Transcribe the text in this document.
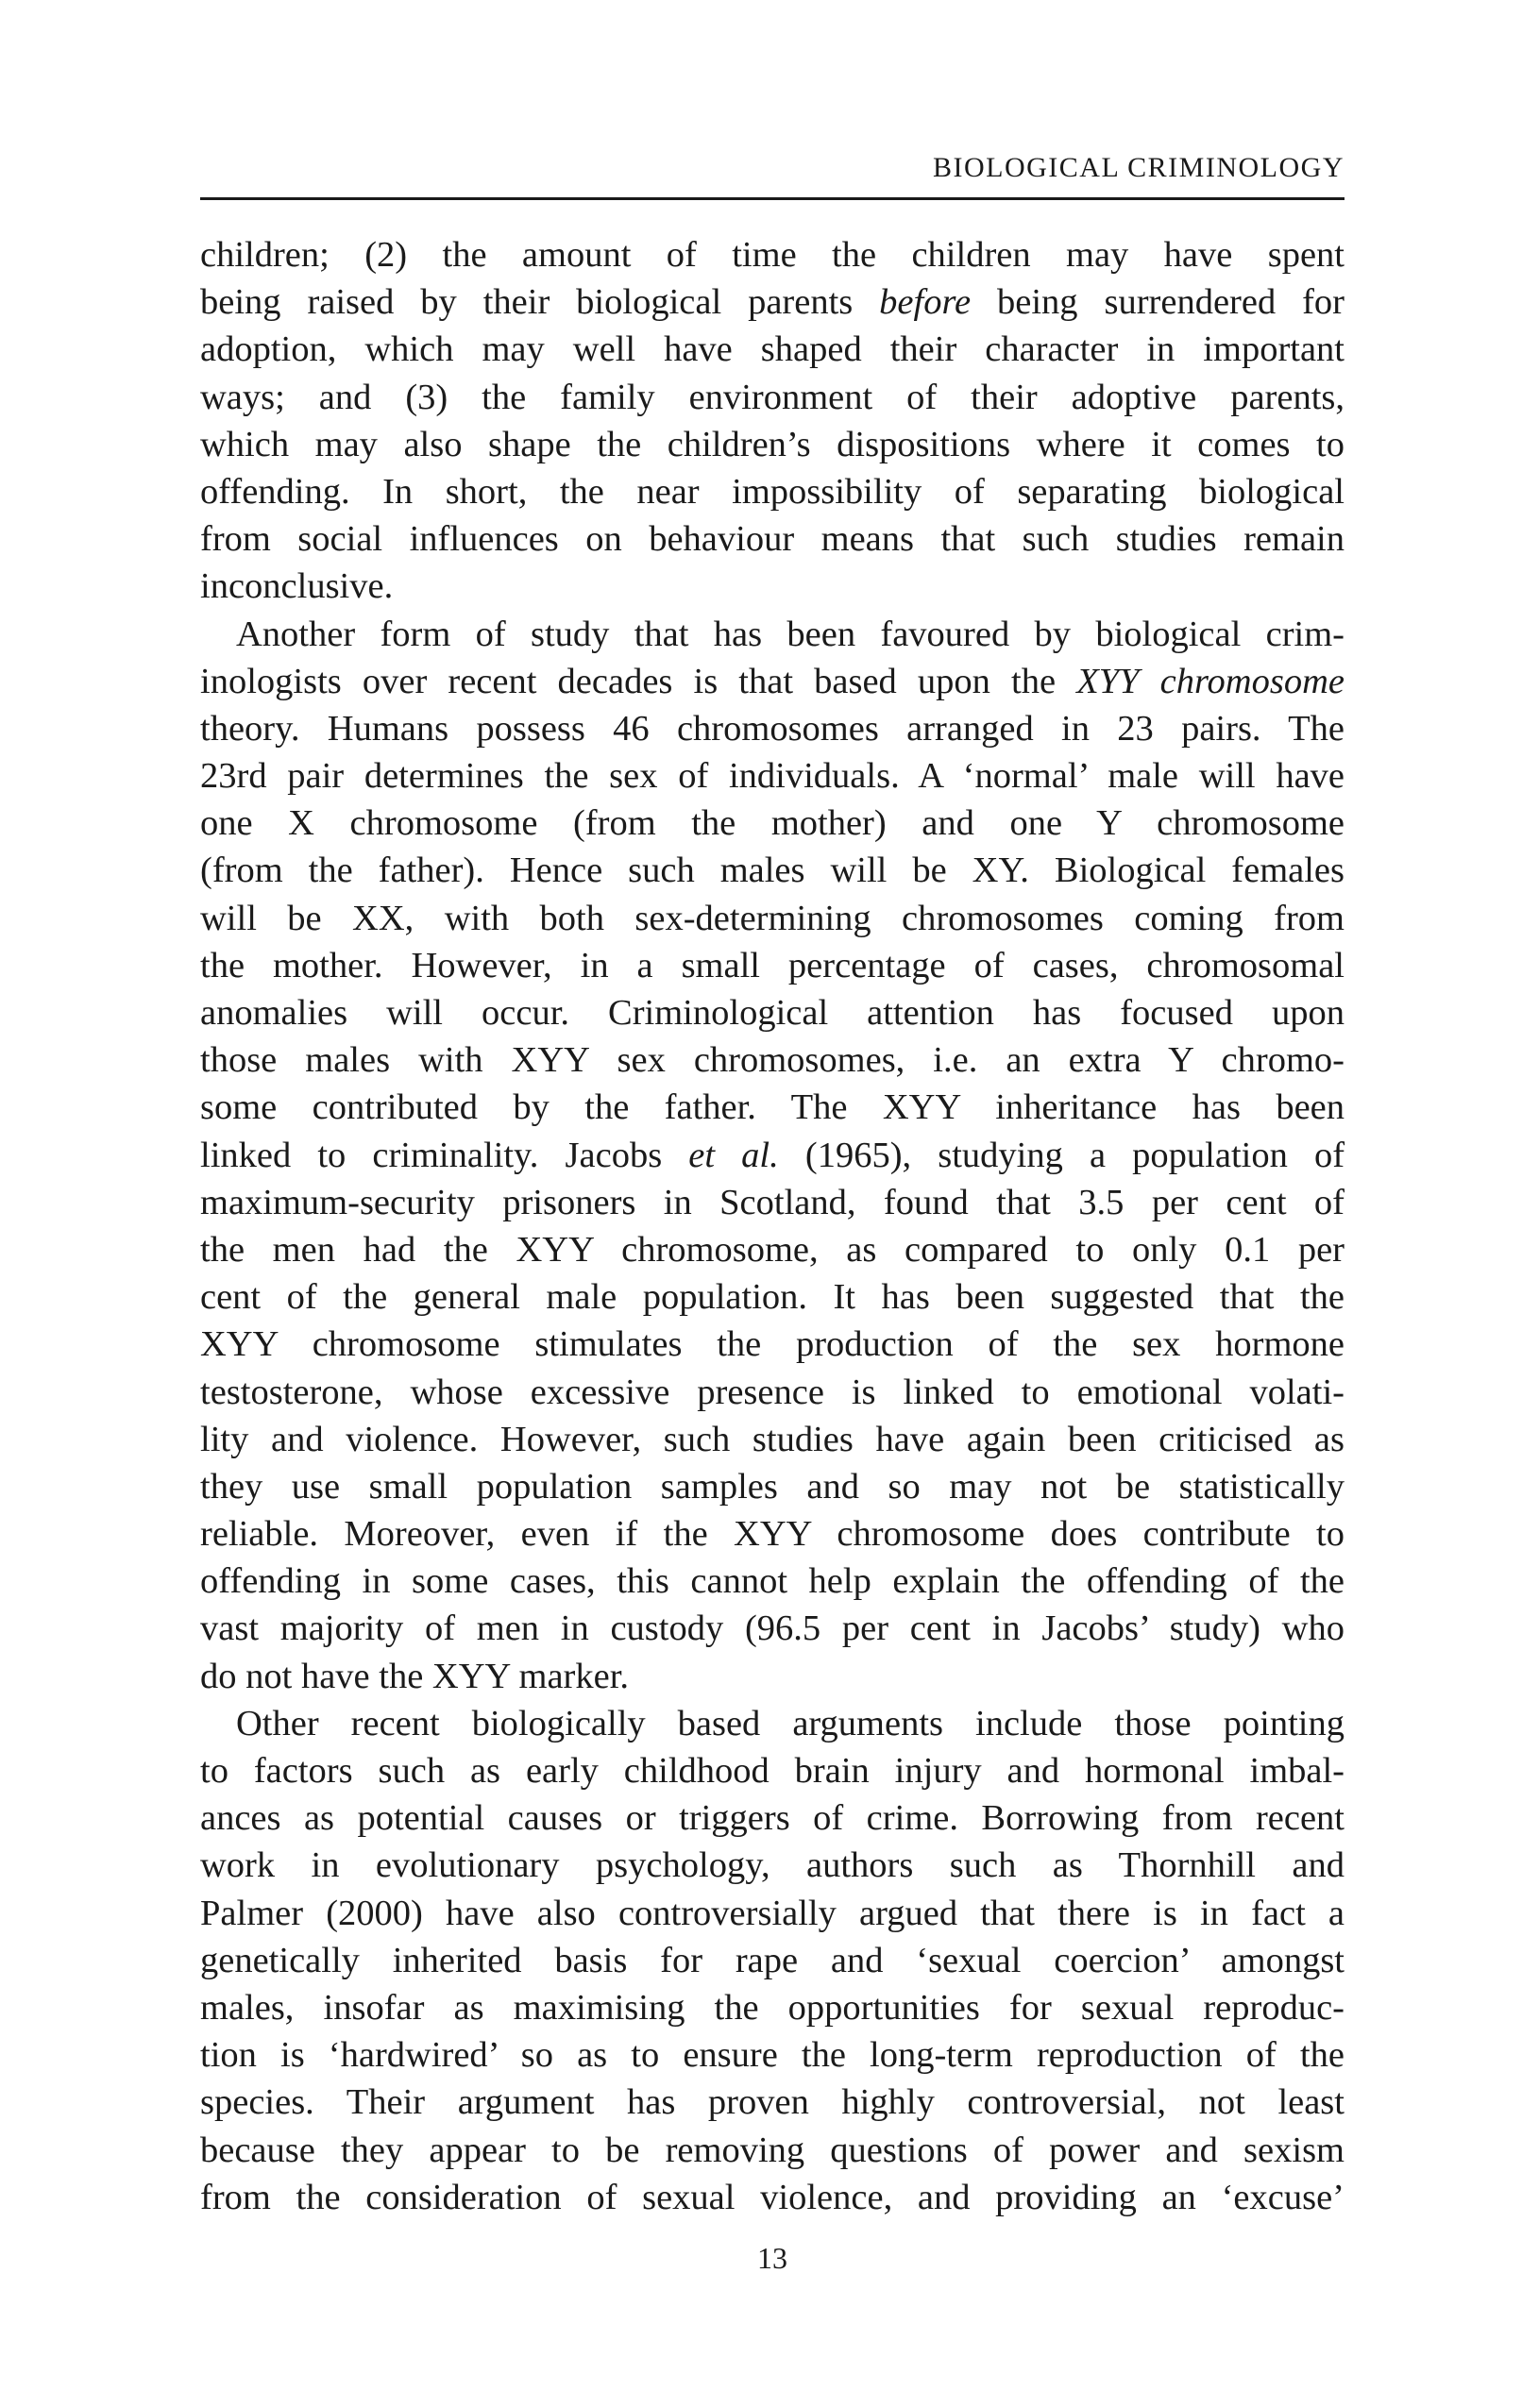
BIOLOGICAL CRIMINOLOGY
children; (2) the amount of time the children may have spent
being raised by their biological parents before being surrendered for
adoption, which may well have shaped their character in important
ways; and (3) the family environment of their adoptive parents,
which may also shape the children’s dispositions where it comes to
offending. In short, the near impossibility of separating biological
from social influences on behaviour means that such studies remain
inconclusive.
Another form of study that has been favoured by biological crim-
inologists over recent decades is that based upon the XYY chromosome
theory. Humans possess 46 chromosomes arranged in 23 pairs. The
23rd pair determines the sex of individuals. A ‘normal’ male will have
one X chromosome (from the mother) and one Y chromosome
(from the father). Hence such males will be XY. Biological females
will be XX, with both sex-determining chromosomes coming from
the mother. However, in a small percentage of cases, chromosomal
anomalies will occur. Criminological attention has focused upon
those males with XYY sex chromosomes, i.e. an extra Y chromo-
some contributed by the father. The XYY inheritance has been
linked to criminality. Jacobs et al. (1965), studying a population of
maximum-security prisoners in Scotland, found that 3.5 per cent of
the men had the XYY chromosome, as compared to only 0.1 per
cent of the general male population. It has been suggested that the
XYY chromosome stimulates the production of the sex hormone
testosterone, whose excessive presence is linked to emotional volati-
lity and violence. However, such studies have again been criticised as
they use small population samples and so may not be statistically
reliable. Moreover, even if the XYY chromosome does contribute to
offending in some cases, this cannot help explain the offending of the
vast majority of men in custody (96.5 per cent in Jacobs’ study) who
do not have the XYY marker.
Other recent biologically based arguments include those pointing
to factors such as early childhood brain injury and hormonal imbal-
ances as potential causes or triggers of crime. Borrowing from recent
work in evolutionary psychology, authors such as Thornhill and
Palmer (2000) have also controversially argued that there is in fact a
genetically inherited basis for rape and ‘sexual coercion’ amongst
males, insofar as maximising the opportunities for sexual reproduc-
tion is ‘hardwired’ so as to ensure the long-term reproduction of the
species. Their argument has proven highly controversial, not least
because they appear to be removing questions of power and sexism
from the consideration of sexual violence, and providing an ‘excuse’
13
